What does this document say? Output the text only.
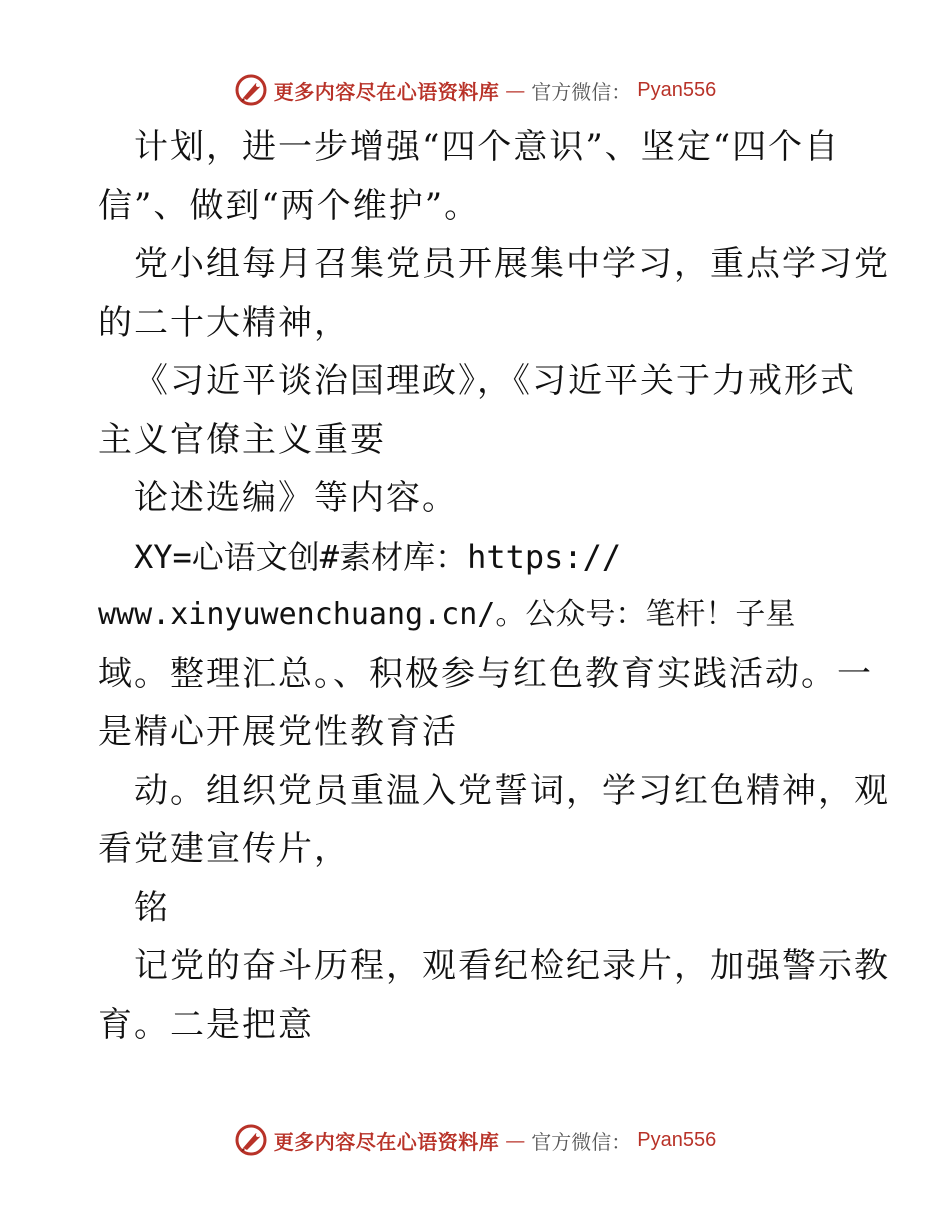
更多内容尽在心语资料库 — 官方微信： Pyan556
计划，进一步增强“四个意识”、坚定“四个自
信”、做到“两个维护”。
党小组每月召集党员开展集中学习，重点学习党
的二十大精神，
《习近平谈治国理政》，《习近平关于力戒形式
主义官僚主义重要
论述选编》等内容。
XY=心语文创#素材库：https://
www.xinyuwenchuang.cn/。公众号：笔杆！子星
域。整理汇总。、积极参与红色教育实践活动。一
是精心开展党性教育活
动。组织党员重温入党誓词，学习红色精神，观
看党建宣传片，
铭
记党的奋斗历程，观看纪检纪录片，加强警示教
育。二是把意
更多内容尽在心语资料库 — 官方微信： Pyan556
